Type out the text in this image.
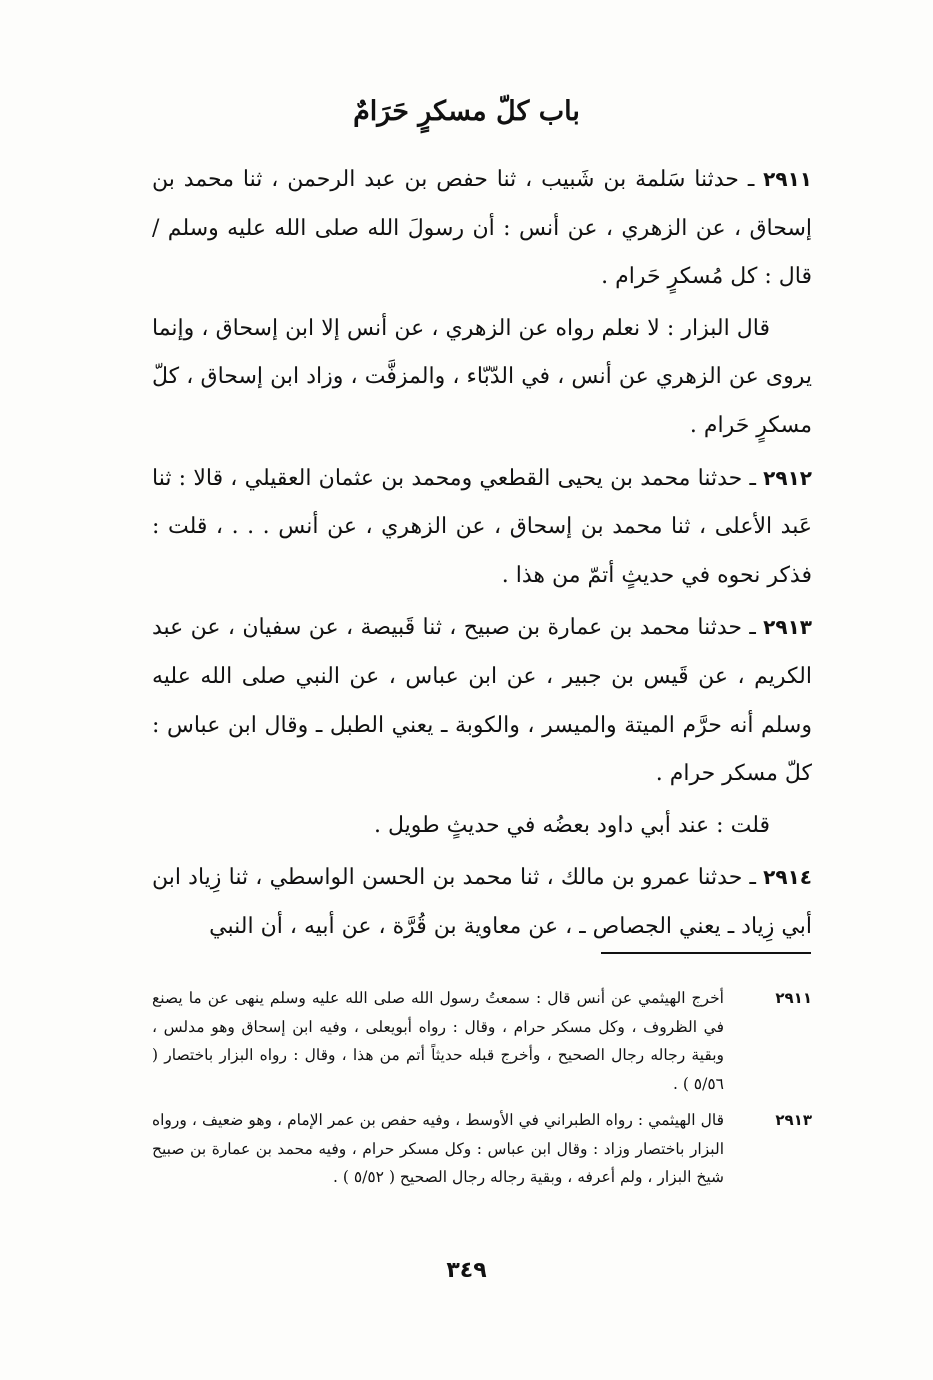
باب كلّ مسكرٍ حَرَامٌ

٢٩١١ ـ حدثنا سَلمة بن شَبيب ، ثنا حفص بن عبد الرحمن ، ثنا محمد بن إسحاق ، عن الزهري ، عن أنس : أن رسولَ الله صلى الله عليه وسلم / قال : كل مُسكرٍ حَرام .

قال البزار : لا نعلم رواه عن الزهري ، عن أنس إلا ابن إسحاق ، وإنما يروى عن الزهري عن أنس ، في الدّبّاء ، والمزفَّت ، وزاد ابن إسحاق ، كلّ مسكرٍ حَرام .

٢٩١٢ ـ حدثنا محمد بن يحيى القطعي ومحمد بن عثمان العقيلي ، قالا : ثنا عَبد الأعلى ، ثنا محمد بن إسحاق ، عن الزهري ، عن أنس . . . ، قلت : فذكر نحوه في حديثٍ أتمّ من هذا .

٢٩١٣ ـ حدثنا محمد بن عمارة بن صبيح ، ثنا قَبيصة ، عن سفيان ، عن عبد الكريم ، عن قَيس بن جبير ، عن ابن عباس ، عن النبي صلى الله عليه وسلم أنه حرَّم الميتة والميسر ، والكوبة ـ يعني الطبل ـ وقال ابن عباس : كلّ مسكر حرام .

قلت : عند أبي داود بعضُه في حديثٍ طويل .

٢٩١٤ ـ حدثنا عمرو بن مالك ، ثنا محمد بن الحسن الواسطي ، ثنا زِياد ابن أبي زِياد ـ يعني الجصاص ـ ، عن معاوية بن قُرَّة ، عن أبيه ، أن النبي

٢٩١١
أخرج الهيثمي عن أنس قال : سمعتُ رسول الله صلى الله عليه وسلم ينهى عن ما يصنع في الظروف ، وكل مسكر حرام ، وقال : رواه أبويعلى ، وفيه ابن إسحاق وهو مدلس ، وبقية رجاله رجال الصحيح ، وأخرج قبله حديثاً أتم من هذا ، وقال : رواه البزار باختصار ( ٥/٥٦ ) .
٢٩١٣
قال الهيثمي : رواه الطبراني في الأوسط ، وفيه حفص بن عمر الإمام ، وهو ضعيف ، ورواه البزار باختصار وزاد : وقال ابن عباس : وكل مسكر حرام ، وفيه محمد بن عمارة بن صبيح شيخ البزار ، ولم أعرفه ، وبقية رجاله رجال الصحيح ( ٥/٥٢ ) .
٣٤٩
